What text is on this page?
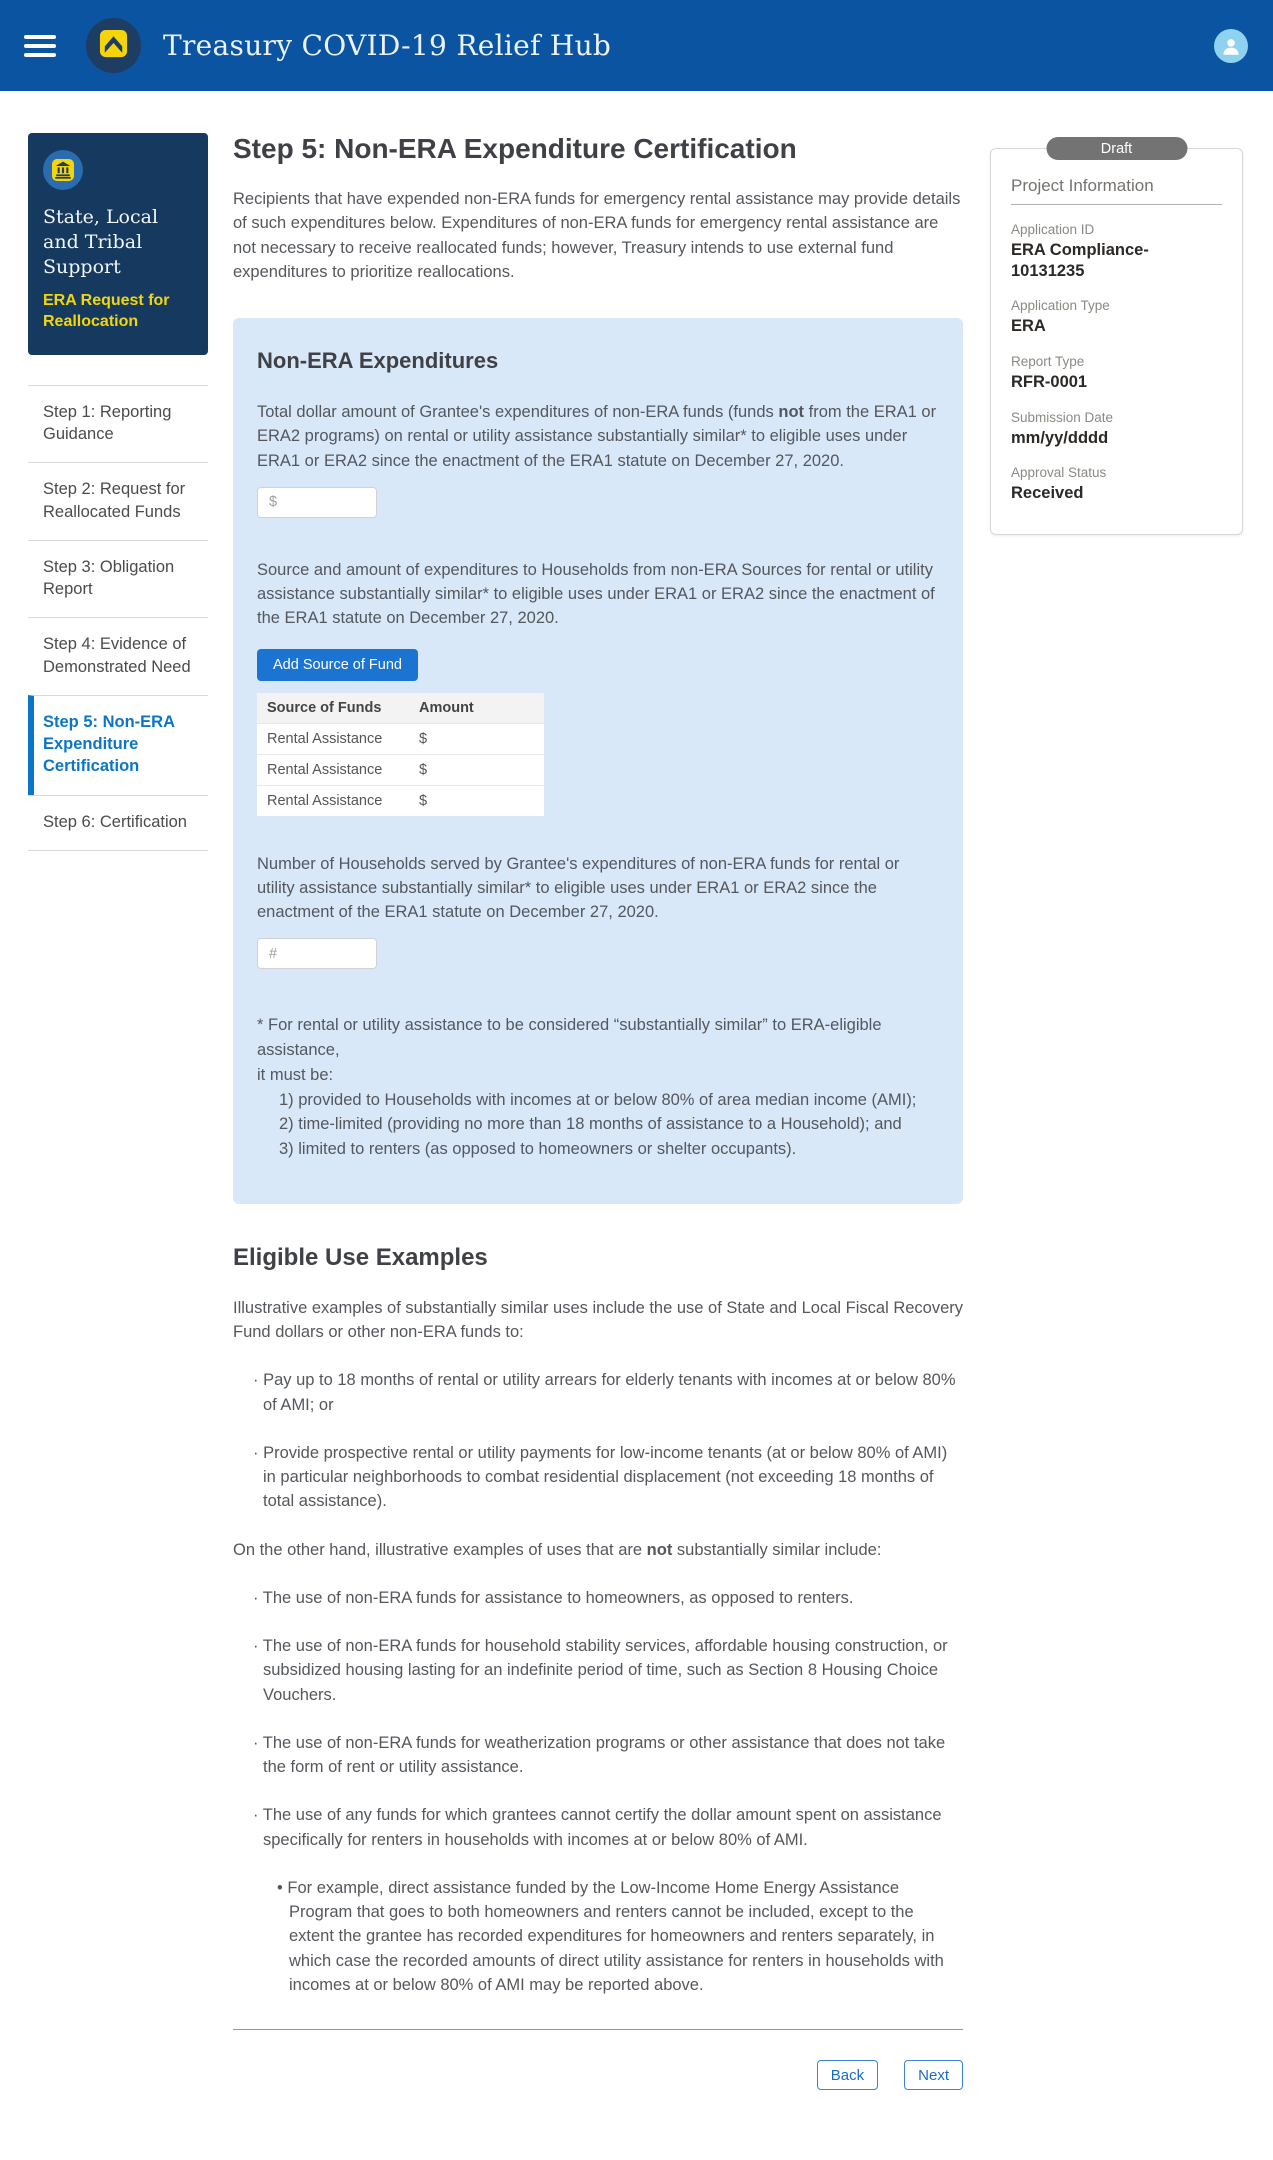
Treasury COVID-19 Relief Hub
State, Local and Tribal Support
ERA Request for Reallocation
Step 1: Reporting Guidance
Step 2: Request for Reallocated Funds
Step 3: Obligation Report
Step 4: Evidence of Demonstrated Need
Step 5: Non-ERA Expenditure Certification
Step 6: Certification
Step 5: Non-ERA Expenditure Certification

Recipients that have expended non-ERA funds for emergency rental assistance may provide details of such expenditures below. Expenditures of non-ERA funds for emergency rental assistance are not necessary to receive reallocated funds; however, Treasury intends to use external fund expenditures to prioritize reallocations.

Non-ERA Expenditures

Total dollar amount of Grantee's expenditures of non-ERA funds (funds not from the ERA1 or ERA2 programs) on rental or utility assistance substantially similar* to eligible uses under ERA1 or ERA2 since the enactment of the ERA1 statute on December 27, 2020.

$

Source and amount of expenditures to Households from non-ERA Sources for rental or utility assistance substantially similar* to eligible uses under ERA1 or ERA2 since the enactment of the ERA1 statute on December 27, 2020.

Add Source of Fund
Source of Funds	Amount
Rental Assistance	$
Rental Assistance	$
Rental Assistance	$

Number of Households served by Grantee's expenditures of non-ERA funds for rental or utility assistance substantially similar* to eligible uses under ERA1 or ERA2 since the enactment of the ERA1 statute on December 27, 2020.

#
* For rental or utility assistance to be considered “substantially similar” to ERA-eligible assistance,
it must be:
1) provided to Households with incomes at or below 80% of area median income (AMI);
2) time-limited (providing no more than 18 months of assistance to a Household); and
3) limited to renters (as opposed to homeowners or shelter occupants).
Eligible Use Examples

Illustrative examples of substantially similar uses include the use of State and Local Fiscal Recovery Fund dollars or other non-ERA funds to:

· Pay up to 18 months of rental or utility arrears for elderly tenants with incomes at or below 80% of AMI; or

· Provide prospective rental or utility payments for low-income tenants (at or below 80% of AMI) in particular neighborhoods to combat residential displacement (not exceeding 18 months of total assistance).

On the other hand, illustrative examples of uses that are not substantially similar include:

· The use of non-ERA funds for assistance to homeowners, as opposed to renters.

· The use of non-ERA funds for household stability services, affordable housing construction, or subsidized housing lasting for an indefinite period of time, such as Section 8 Housing Choice Vouchers.

· The use of non-ERA funds for weatherization programs or other assistance that does not take the form of rent or utility assistance.

· The use of any funds for which grantees cannot certify the dollar amount spent on assistance specifically for renters in households with incomes at or below 80% of AMI.

• For example, direct assistance funded by the Low-Income Home Energy Assistance Program that goes to both homeowners and renters cannot be included, except to the extent the grantee has recorded expenditures for homeowners and renters separately, in which case the recorded amounts of direct utility assistance for renters in households with incomes at or below 80% of AMI may be reported above.

Back	Next
Draft
Project Information
Application ID
ERA Compliance-10131235
Application Type
ERA
Report Type
RFR-0001
Submission Date
mm/yy/dddd
Approval Status
Received
